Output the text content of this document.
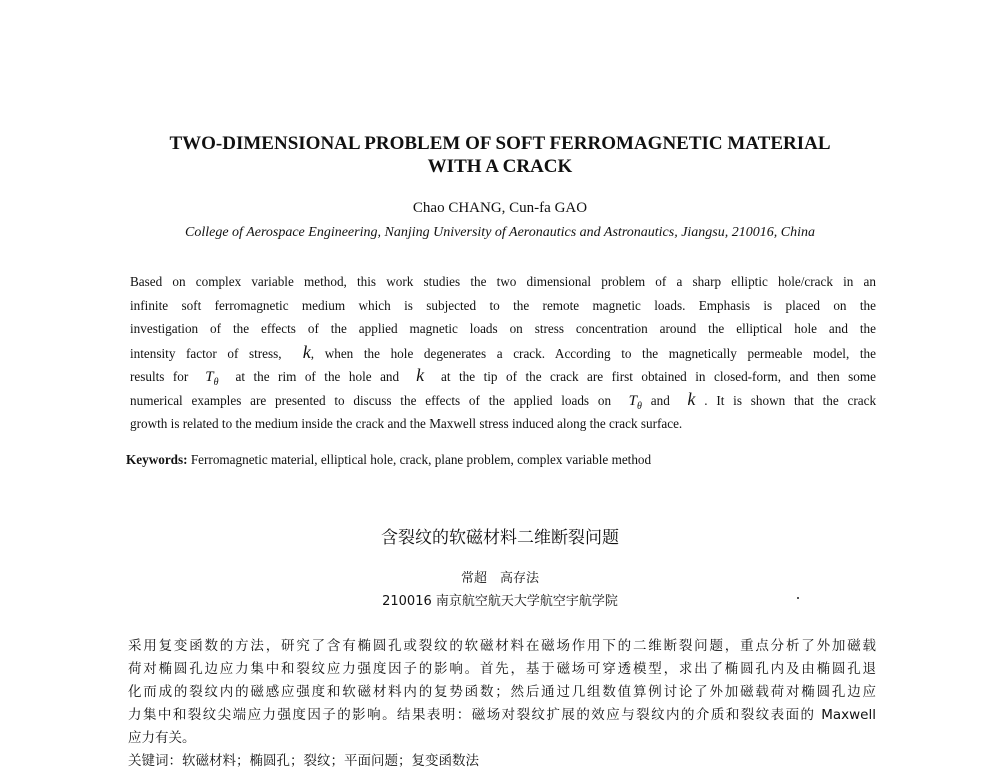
TWO-DIMENSIONAL PROBLEM OF SOFT FERROMAGNETIC MATERIAL
WITH A CRACK
Chao CHANG, Cun-fa GAO
College of Aerospace Engineering, Nanjing University of Aeronautics and Astronautics, Jiangsu, 210016, China
Based on complex variable method, this work studies the two dimensional problem of a sharp elliptic hole/crack in an
infinite soft ferromagnetic medium which is subjected to the remote magnetic loads. Emphasis is placed on the
investigation of the effects of the applied magnetic loads on stress concentration around the elliptical hole and the
intensity factor of stress, k, when the hole degenerates a crack. According to the magnetically permeable model, the
results for $T_\theta$ at the rim of the hole and k at the tip of the crack are first obtained in closed-form, and then some
numerical examples are presented to discuss the effects of the applied loads on $T_\theta$ and k . It is shown that the crack
growth is related to the medium inside the crack and the Maxwell stress induced along the crack surface.
Keywords: Ferromagnetic material, elliptical hole, crack, plane problem, complex variable method
含裂纹的软磁材料二维断裂问题
常超　高存法
210016 南京航空航天大学航空宇航学院
采用复变函数的方法，研究了含有椭圆孔或裂纹的软磁材料在磁场作用下的二维断裂问题，重点分析了外加磁载
荷对椭圆孔边应力集中和裂纹应力强度因子的影响。首先，基于磁场可穿透模型，求出了椭圆孔内及由椭圆孔退
化而成的裂纹内的磁感应强度和软磁材料内的复势函数；然后通过几组数值算例讨论了外加磁载荷对椭圆孔边应
力集中和裂纹尖端应力强度因子的影响。结果表明：磁场对裂纹扩展的效应与裂纹内的介质和裂纹表面的 Maxwell
应力有关。
关键词：软磁材料；椭圆孔；裂纹；平面问题；复变函数法
